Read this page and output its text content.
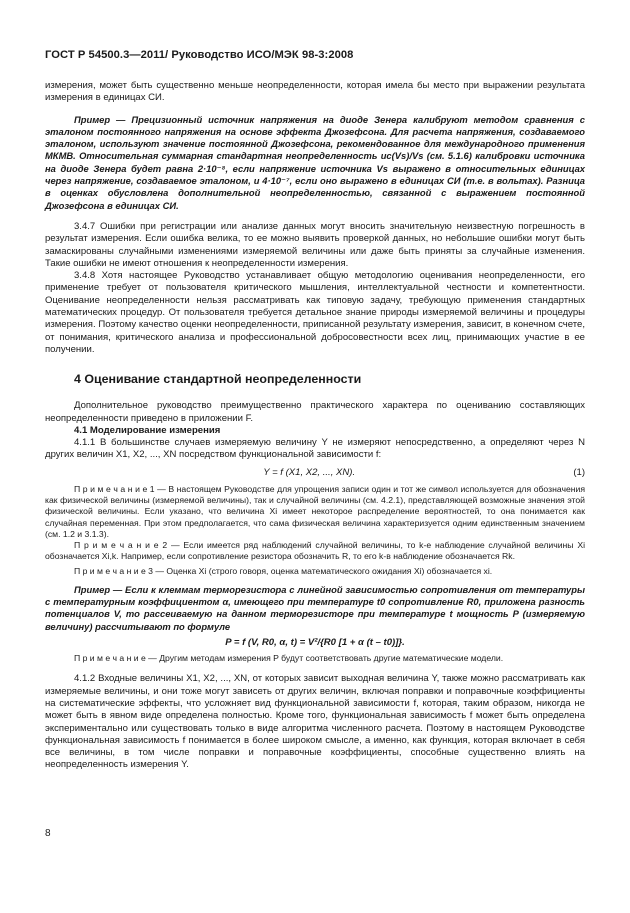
ГОСТ Р 54500.3—2011/ Руководство ИСО/МЭК 98-3:2008

измерения, может быть существенно меньше неопределенности, которая имела бы место при выражении результата измерения в единицах СИ.

Пример — Прецизионный источник напряжения на диоде Зенера калибруют методом сравнения с эталоном постоянного напряжения на основе эффекта Джозефсона. Для расчета напряжения, создаваемого эталоном, используют значение постоянной Джозефсона, рекомендованное для международного применения МКМВ. Относительная суммарная стандартная неопределенность uc(Vs)/Vs (см. 5.1.6) калибровки источника на диоде Зенера будет равна 2·10⁻⁸, если напряжение источника Vs выражено в относительных единицах через напряжение, создаваемое эталоном, и 4·10⁻⁷, если оно выражено в единицах СИ (т.е. в вольтах). Разница в оценках обусловлена дополнительной неопределенностью, связанной с выражением постоянной Джозефсона в единицах СИ.

3.4.7 Ошибки при регистрации или анализе данных могут вносить значительную неизвестную погрешность в результат измерения. Если ошибка велика, то ее можно выявить проверкой данных, но небольшие ошибки могут быть замаскированы случайными изменениями измеряемой величины или даже быть приняты за случайные изменения. Такие ошибки не имеют отношения к неопределенности измерения.

3.4.8 Хотя настоящее Руководство устанавливает общую методологию оценивания неопределенности, его применение требует от пользователя критического мышления, интеллектуальной честности и компетентности. Оценивание неопределенности нельзя рассматривать как типовую задачу, требующую применения стандартных математических процедур. От пользователя требуется детальное знание природы измеряемой величины и процедуры измерения. Поэтому качество оценки неопределенности, приписанной результату измерения, зависит, в конечном счете, от понимания, критического анализа и профессиональной добросовестности всех лиц, принимающих участие в ее получении.

4 Оценивание стандартной неопределенности

Дополнительное руководство преимущественно практического характера по оцениванию составляющих неопределенности приведено в приложении F.

4.1 Моделирование измерения

4.1.1 В большинстве случаев измеряемую величину Y не измеряют непосредственно, а определяют через N других величин X1, X2, ..., XN посредством функциональной зависимости f:

(1)
Y = f (X1, X2, ..., XN).

П р и м е ч а н и е 1 — В настоящем Руководстве для упрощения записи один и тот же символ используется для обозначения как физической величины (измеряемой величины), так и случайной величины (см. 4.2.1), представляющей возможные значения этой физической величины. Если указано, что величина Xi имеет некоторое распределение вероятностей, то она понимается как случайная переменная. При этом предполагается, что сама физическая величина характеризуется одним единственным значением (см. 1.2 и 3.1.3).

П р и м е ч а н и е 2 — Если имеется ряд наблюдений случайной величины, то k-е наблюдение случайной величины Xi обозначается Xi,k. Например, если сопротивление резистора обозначить R, то его k-в наблюдение обозначается Rk.

П р и м е ч а н и е 3 — Оценка Xi (строго говоря, оценка математического ожидания Xi) обозначается xi.

Пример — Если к клеммам терморезистора с линейной зависимостью сопротивления от температуры с температурным коэффициентом α, имеющего при температуре t0 сопротивление R0, приложена разность потенциалов V, то рассеиваемую на данном терморезисторе при температуре t мощность P (измеряемую величину) рассчитывают по формуле

P = f (V, R0, α, t) = V²/{R0 [1 + α (t – t0)]}.

П р и м е ч а н и е — Другим методам измерения P будут соответствовать другие математические модели.

4.1.2 Входные величины X1, X2, ..., XN, от которых зависит выходная величина Y, также можно рассматривать как измеряемые величины, и они тоже могут зависеть от других величин, включая поправки и поправочные коэффициенты на систематические эффекты, что усложняет вид функциональной зависимости f, которая, таким образом, никогда не может быть в явном виде определена полностью. Кроме того, функциональная зависимость f может быть определена экспериментально или существовать только в виде алгоритма численного расчета. Поэтому в настоящем Руководстве функциональная зависимость f понимается в более широком смысле, а именно, как функция, которая включает в себя все величины, в том числе поправки и поправочные коэффициенты, способные существенно влиять на неопределенность измерения Y.

8
